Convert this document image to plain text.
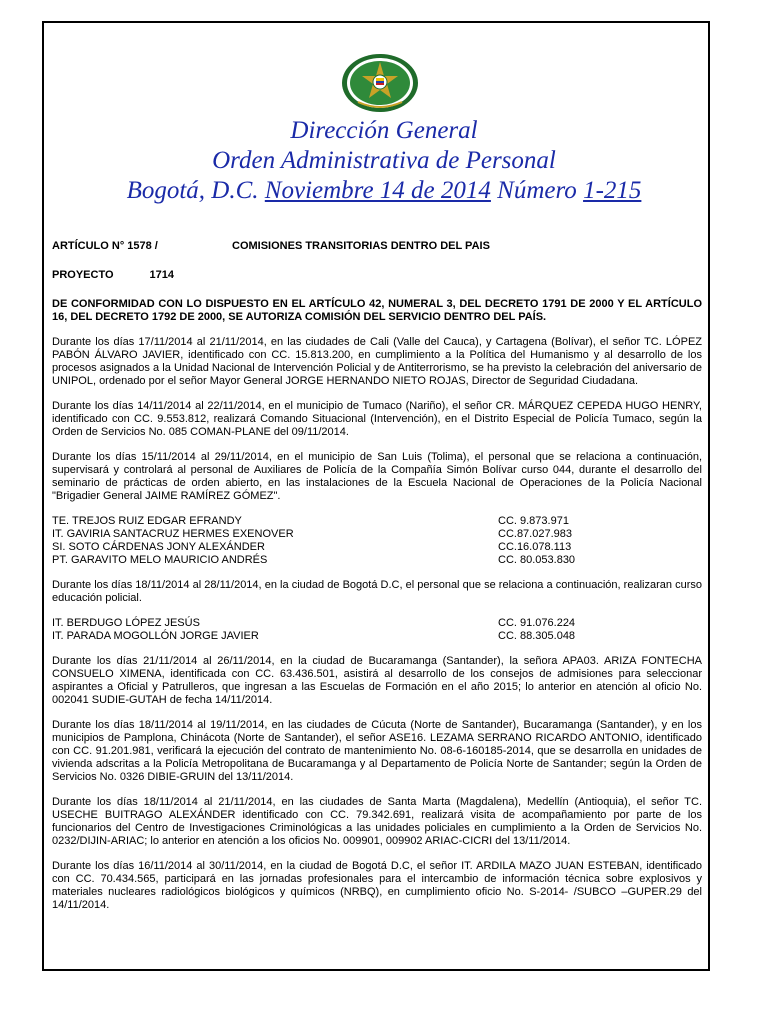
Dirección General
Orden Administrativa de Personal
Bogotá, D.C. Noviembre 14 de 2014 Número 1-215
ARTÍCULO N° 1578 /	COMISIONES TRANSITORIAS DENTRO DEL PAIS
PROYECTO	1714

DE CONFORMIDAD CON LO DISPUESTO EN EL ARTÍCULO 42, NUMERAL 3, DEL DECRETO 1791 DE 2000 Y EL ARTÍCULO 16, DEL DECRETO 1792 DE 2000, SE AUTORIZA COMISIÓN DEL SERVICIO DENTRO DEL PAÍS.

Durante los días 17/11/2014 al 21/11/2014, en las ciudades de Cali (Valle del Cauca), y Cartagena (Bolívar), el señor TC. LÓPEZ PABÓN ÁLVARO JAVIER, identificado con CC. 15.813.200, en cumplimiento a la Política del Humanismo y al desarrollo de los procesos asignados a la Unidad Nacional de Intervención Policial y de Antiterrorismo, se ha previsto la celebración del aniversario de UNIPOL, ordenado por el señor Mayor General JORGE HERNANDO NIETO ROJAS, Director de Seguridad Ciudadana.

Durante los días 14/11/2014 al 22/11/2014, en el municipio de Tumaco (Nariño), el señor CR. MÁRQUEZ CEPEDA HUGO HENRY, identificado con CC. 9.553.812, realizará Comando Situacional (Intervención), en el Distrito Especial de Policía Tumaco, según la Orden de Servicios No. 085 COMAN-PLANE del 09/11/2014.

Durante los días 15/11/2014 al 29/11/2014, en el municipio de San Luis (Tolima), el personal que se relaciona a continuación, supervisará y controlará al personal de Auxiliares de Policía de la Compañía Simón Bolívar curso 044, durante el desarrollo del seminario de prácticas de orden abierto, en las instalaciones de la Escuela Nacional de Operaciones de la Policía Nacional "Brigadier General JAIME RAMÍREZ GÓMEZ".

TE. TREJOS RUIZ EDGAR EFRANDY	CC. 9.873.971
IT. GAVIRIA SANTACRUZ HERMES EXENOVER	CC.87.027.983
SI. SOTO CÁRDENAS JONY ALEXÁNDER	CC.16.078.113
PT. GARAVITO MELO MAURICIO ANDRÉS	CC. 80.053.830

Durante los días 18/11/2014 al 28/11/2014, en la ciudad de Bogotá D.C, el personal que se relaciona a continuación, realizaran curso educación policial.

IT. BERDUGO LÓPEZ JESÚS	CC. 91.076.224
IT. PARADA MOGOLLÓN JORGE JAVIER	CC. 88.305.048

Durante los días 21/11/2014 al 26/11/2014, en la ciudad de Bucaramanga (Santander), la señora APA03. ARIZA FONTECHA CONSUELO XIMENA, identificada con CC. 63.436.501, asistirá al desarrollo de los consejos de admisiones para seleccionar aspirantes a Oficial y Patrulleros, que ingresan a las Escuelas de Formación en el año 2015; lo anterior en atención al oficio No. 002041 SUDIE-GUTAH de fecha 14/11/2014.

Durante los días 18/11/2014 al 19/11/2014, en las ciudades de Cúcuta (Norte de Santander), Bucaramanga (Santander), y en los municipios de Pamplona, Chinácota (Norte de Santander), el señor ASE16. LEZAMA SERRANO RICARDO ANTONIO, identificado con CC. 91.201.981, verificará la ejecución del contrato de mantenimiento No. 08-6-160185-2014, que se desarrolla en unidades de vivienda adscritas a la Policía Metropolitana de Bucaramanga y al Departamento de Policía Norte de Santander; según la Orden de Servicios No. 0326 DIBIE-GRUIN del 13/11/2014.

Durante los días 18/11/2014 al 21/11/2014, en las ciudades de Santa Marta (Magdalena), Medellín (Antioquia), el señor TC. USECHE BUITRAGO ALEXÁNDER identificado con CC. 79.342.691, realizará visita de acompañamiento por parte de los funcionarios del Centro de Investigaciones Criminológicas a las unidades policiales en cumplimiento a la Orden de Servicios No. 0232/DIJIN-ARIAC; lo anterior en atención a los oficios No. 009901, 009902 ARIAC-CICRI del 13/11/2014.

Durante los días 16/11/2014 al 30/11/2014, en la ciudad de Bogotá D.C, el señor IT. ARDILA MAZO JUAN ESTEBAN, identificado con CC. 70.434.565, participará en las jornadas profesionales para el intercambio de información técnica sobre explosivos y materiales nucleares radiológicos biológicos y químicos (NRBQ), en cumplimiento oficio No. S-2014- /SUBCO –GUPER.29 del 14/11/2014.
